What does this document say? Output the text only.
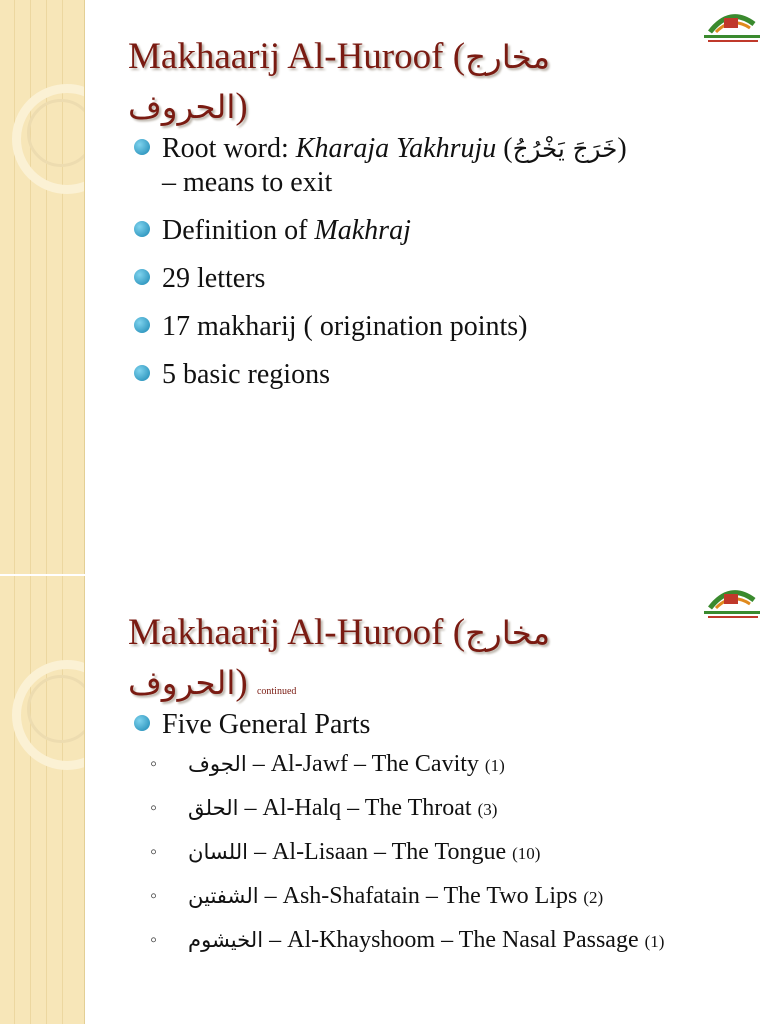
Makhaarij Al-Huroof (مخارج
الحروف)
Root word: Kharaja Yakhruju (خَرَجَ يَخْرُجُ)
– means to exit
Definition of Makhraj
29 letters
17 makharij ( origination points)
5 basic regions
Makhaarij Al-Huroof (مخارج
الحروف) continued
Five General Parts
◦ الجوف – Al-Jawf – The Cavity (1)
◦ الحلق – Al-Halq – The Throat (3)
◦ اللسان – Al-Lisaan – The Tongue (10)
◦ الشفتين – Ash-Shafatain – The Two Lips (2)
◦ الخيشوم – Al-Khayshoom – The Nasal Passage (1)
